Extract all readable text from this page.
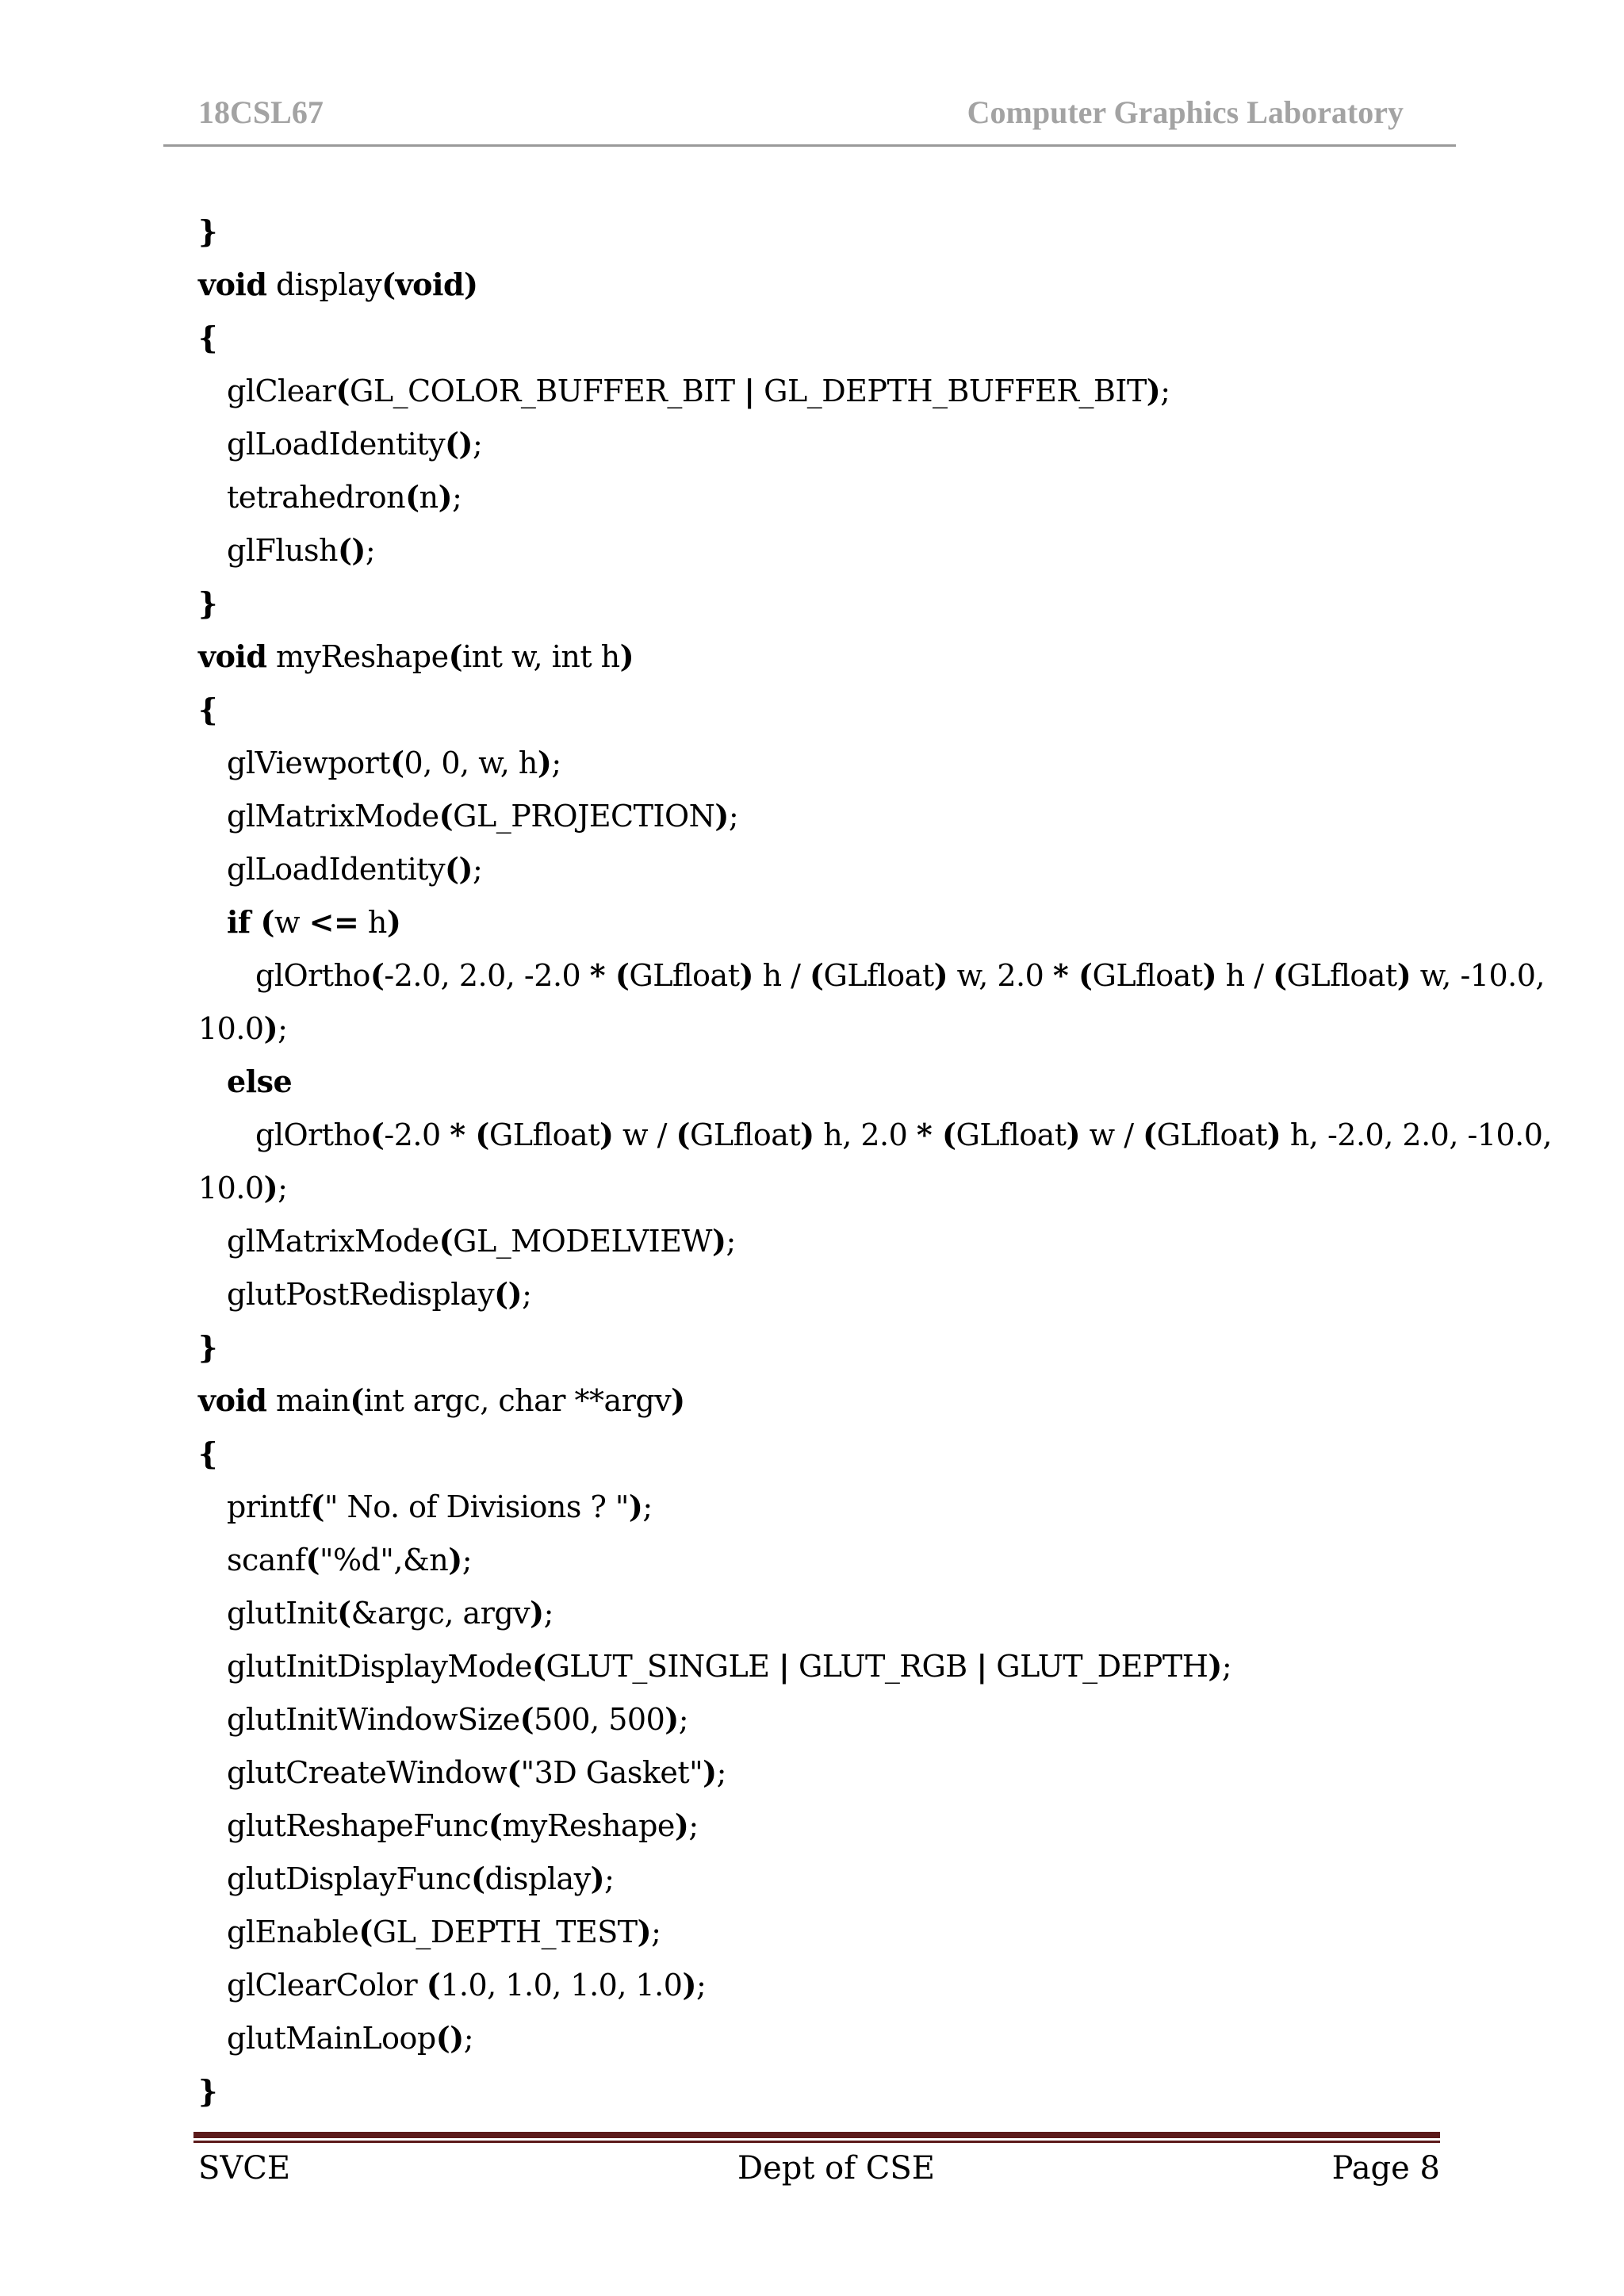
18CSL67	Computer Graphics Laboratory
}
void display(void)
{
glClear(GL_COLOR_BUFFER_BIT | GL_DEPTH_BUFFER_BIT);
glLoadIdentity();
tetrahedron(n);
glFlush();
}
void myReshape(int w, int h)
{
glViewport(0, 0, w, h);
glMatrixMode(GL_PROJECTION);
glLoadIdentity();
if (w <= h)
glOrtho(-2.0, 2.0, -2.0 * (GLfloat) h / (GLfloat) w, 2.0 * (GLfloat) h / (GLfloat) w, -10.0,
10.0);
else
glOrtho(-2.0 * (GLfloat) w / (GLfloat) h, 2.0 * (GLfloat) w / (GLfloat) h, -2.0, 2.0, -10.0,
10.0);
glMatrixMode(GL_MODELVIEW);
glutPostRedisplay();
}
void main(int argc, char **argv)
{
printf(" No. of Divisions ? ");
scanf("%d",&n);
glutInit(&argc, argv);
glutInitDisplayMode(GLUT_SINGLE | GLUT_RGB | GLUT_DEPTH);
glutInitWindowSize(500, 500);
glutCreateWindow("3D Gasket");
glutReshapeFunc(myReshape);
glutDisplayFunc(display);
glEnable(GL_DEPTH_TEST);
glClearColor (1.0, 1.0, 1.0, 1.0);
glutMainLoop();
}
SVCE	Dept of CSE	Page 8
